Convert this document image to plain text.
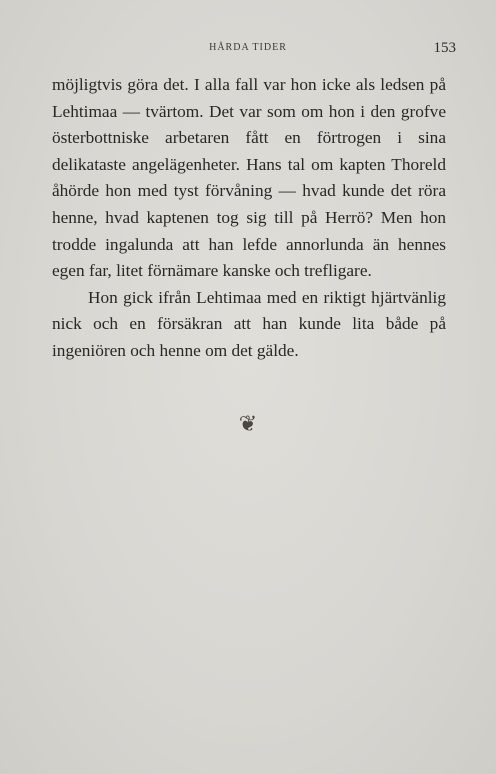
HÅRDA TIDER	153

möjligtvis göra det. I alla fall var hon icke als ledsen på Lehtimaa — tvärtom. Det var som om hon i den grofve österbottniske arbetaren fått en förtrogen i sina delikataste angelägenheter. Hans tal om kapten Thoreld åhörde hon med tyst förvåning — hvad kunde det röra henne, hvad kaptenen tog sig till på Herrö? Men hon trodde ingalunda att han lefde annorlunda än hennes egen far, litet förnämare kanske och trefligare.

Hon gick ifrån Lehtimaa med en riktigt hjärtvänlig nick och en försäkran att han kunde lita både på ingeniören och henne om det gälde.

❦
